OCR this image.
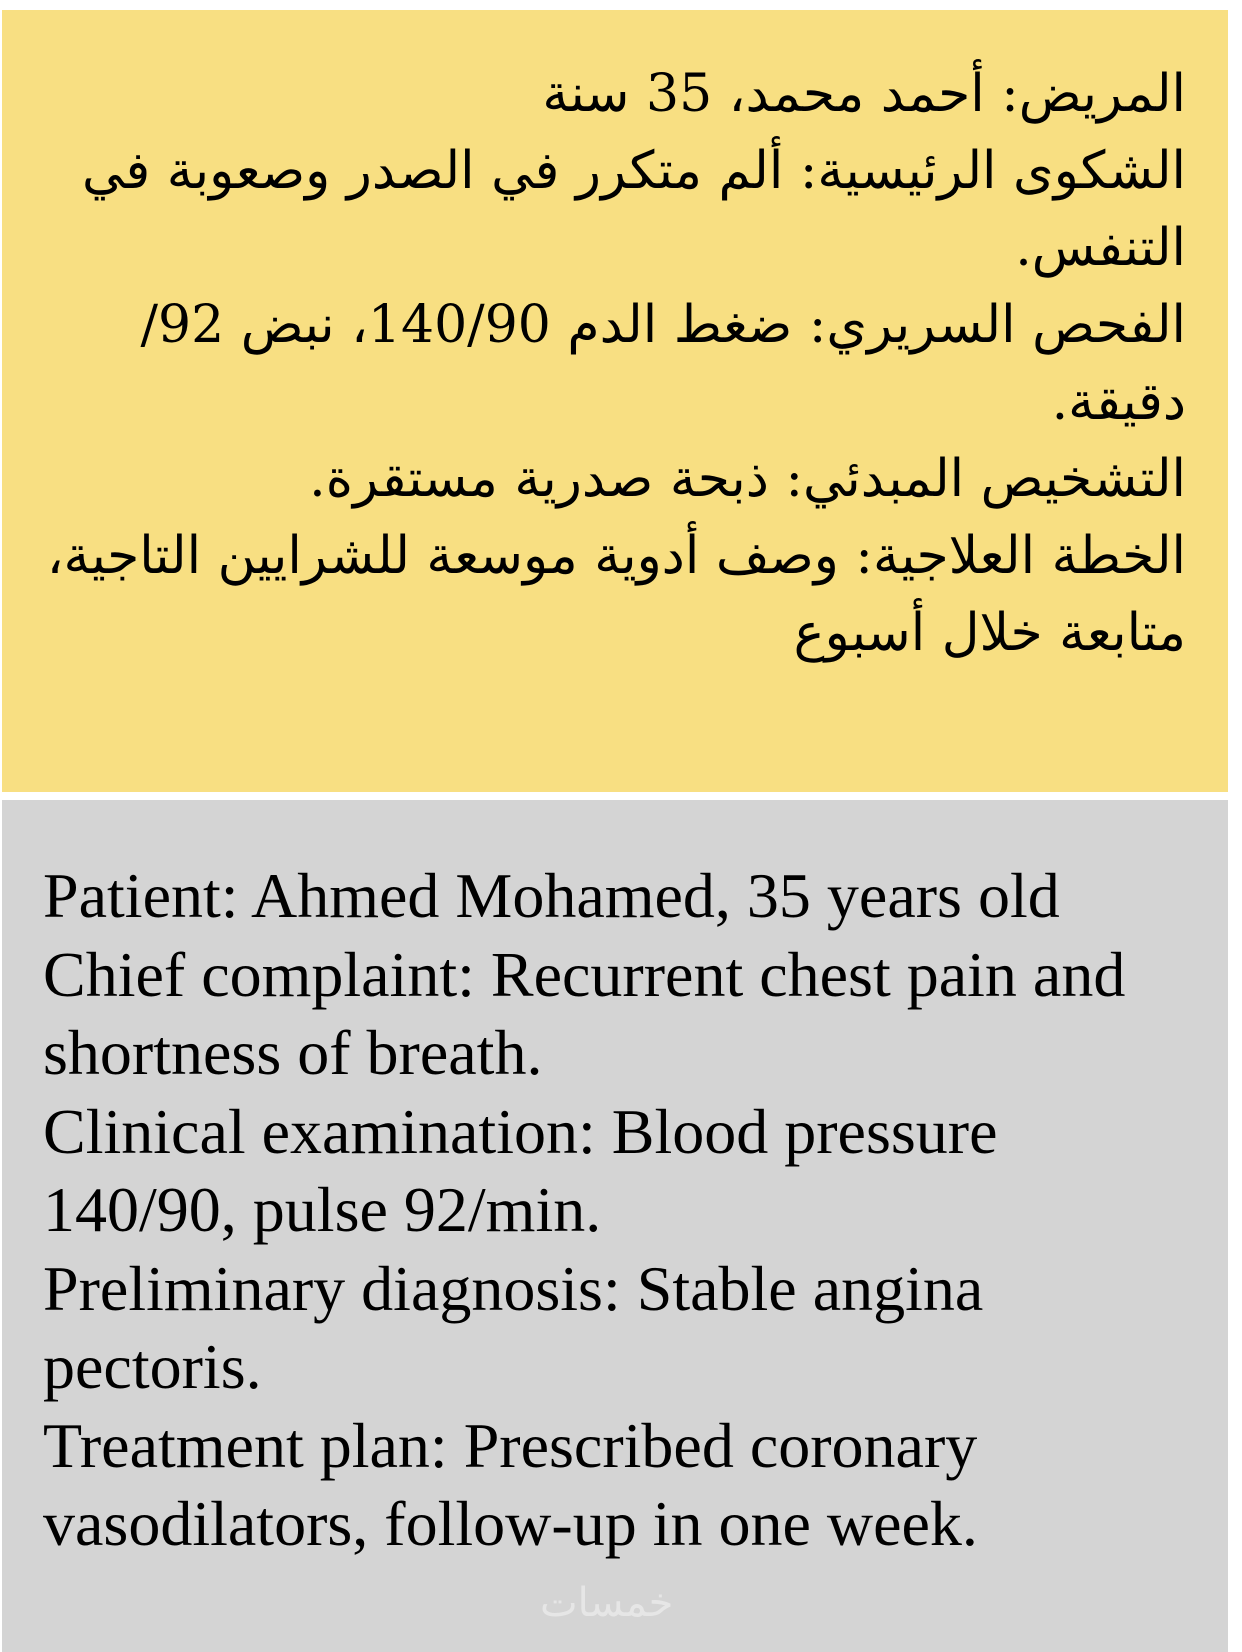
المريض: أحمد محمد، 35 سنة

الشكوى الرئيسية: ألم متكرر في الصدر وصعوبة في التنفس.

الفحص السريري: ضغط الدم 140/90، نبض 92/ دقيقة.

التشخيص المبدئي: ذبحة صدرية مستقرة.

الخطة العلاجية: وصف أدوية موسعة للشرايين التاجية، متابعة خلال أسبوع

Patient: Ahmed Mohamed, 35 years old

Chief complaint: Recurrent chest pain and shortness of breath.

Clinical examination: Blood pressure 140/90, pulse 92/min.

Preliminary diagnosis: Stable angina pectoris.

Treatment plan: Prescribed coronary vasodilators, follow-up in one week.

خمسات
